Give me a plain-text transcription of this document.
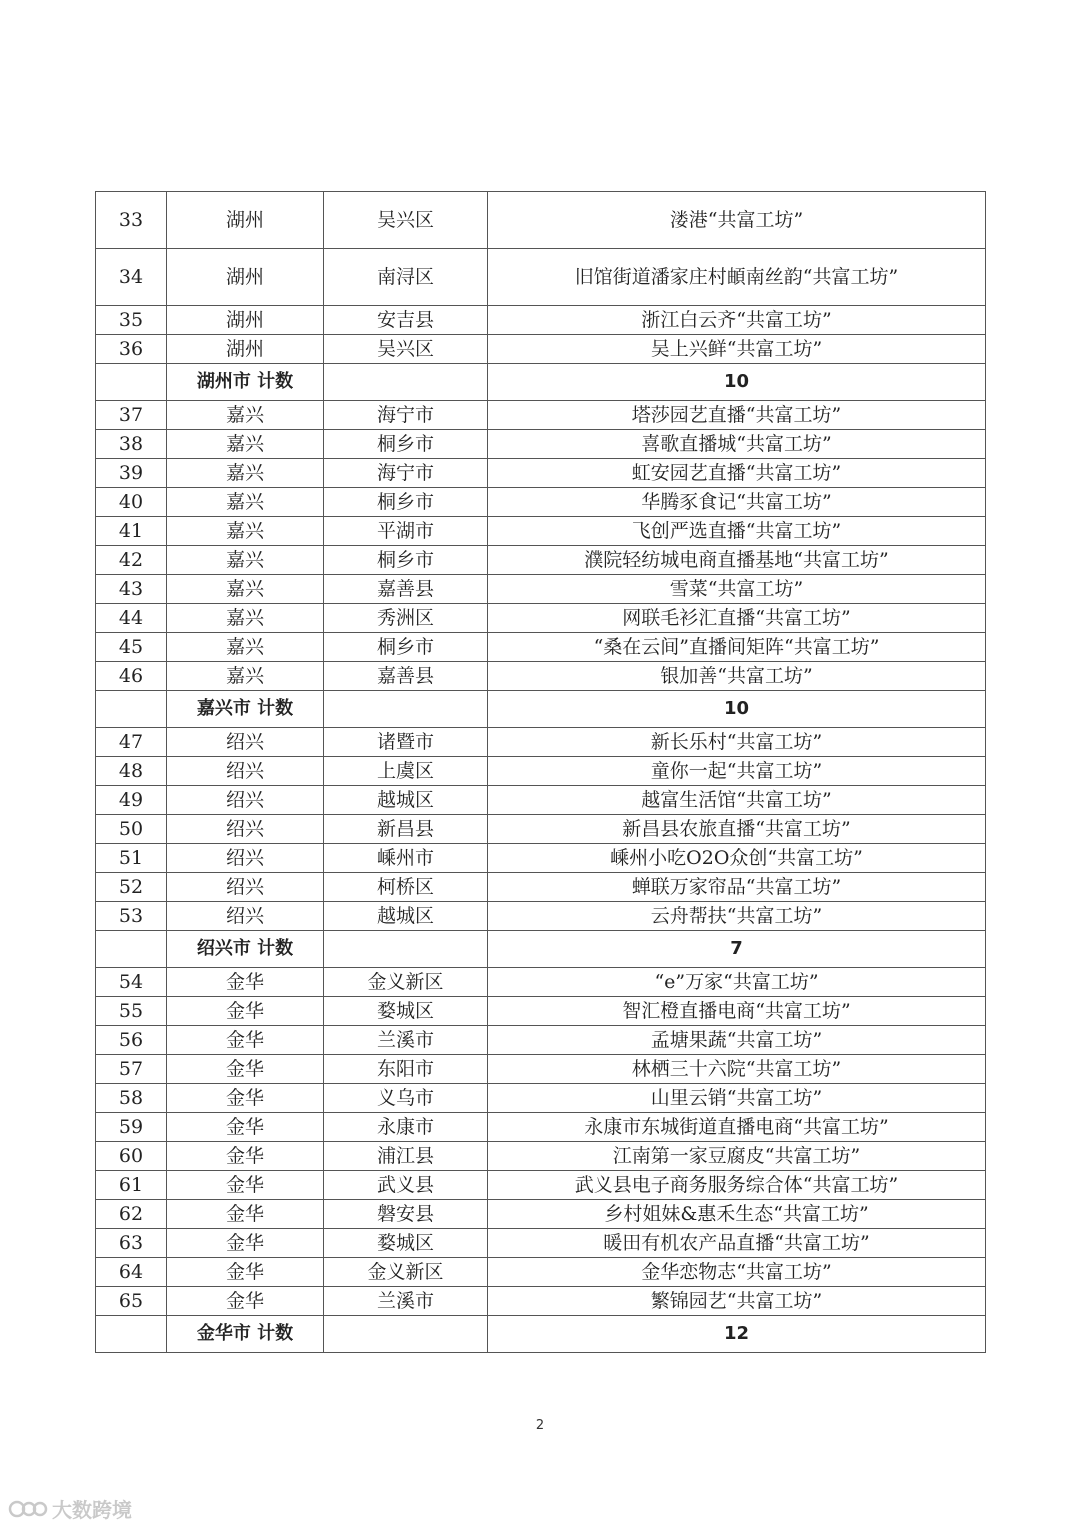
33	湖州	吴兴区	溇港“共富工坊”
34	湖州	南浔区	旧馆街道潘家庄村頔南丝韵“共富工坊”
35	湖州	安吉县	浙江白云齐“共富工坊”
36	湖州	吴兴区	吴上兴鲜“共富工坊”
	湖州市 计数		10
37	嘉兴	海宁市	塔莎园艺直播“共富工坊”
38	嘉兴	桐乡市	喜歌直播城“共富工坊”
39	嘉兴	海宁市	虹安园艺直播“共富工坊”
40	嘉兴	桐乡市	华腾豕食记“共富工坊”
41	嘉兴	平湖市	飞创严选直播“共富工坊”
42	嘉兴	桐乡市	濮院轻纺城电商直播基地“共富工坊”
43	嘉兴	嘉善县	雪菜“共富工坊”
44	嘉兴	秀洲区	网联毛衫汇直播“共富工坊”
45	嘉兴	桐乡市	“桑在云间”直播间矩阵“共富工坊”
46	嘉兴	嘉善县	银加善“共富工坊”
	嘉兴市 计数		10
47	绍兴	诸暨市	新长乐村“共富工坊”
48	绍兴	上虞区	童你一起“共富工坊”
49	绍兴	越城区	越富生活馆“共富工坊”
50	绍兴	新昌县	新昌县农旅直播“共富工坊”
51	绍兴	嵊州市	嵊州小吃O2O众创“共富工坊”
52	绍兴	柯桥区	蝉联万家帘品“共富工坊”
53	绍兴	越城区	云舟帮扶“共富工坊”
	绍兴市 计数		7
54	金华	金义新区	“e”万家“共富工坊”
55	金华	婺城区	智汇橙直播电商“共富工坊”
56	金华	兰溪市	孟塘果蔬“共富工坊”
57	金华	东阳市	林栖三十六院“共富工坊”
58	金华	义乌市	山里云销“共富工坊”
59	金华	永康市	永康市东城街道直播电商“共富工坊”
60	金华	浦江县	江南第一家豆腐皮“共富工坊”
61	金华	武义县	武义县电子商务服务综合体“共富工坊”
62	金华	磐安县	乡村姐妹&惠禾生态“共富工坊”
63	金华	婺城区	暖田有机农产品直播“共富工坊”
64	金华	金义新区	金华恋物志“共富工坊”
65	金华	兰溪市	繁锦园艺“共富工坊”
	金华市 计数		12
2
大数跨境
